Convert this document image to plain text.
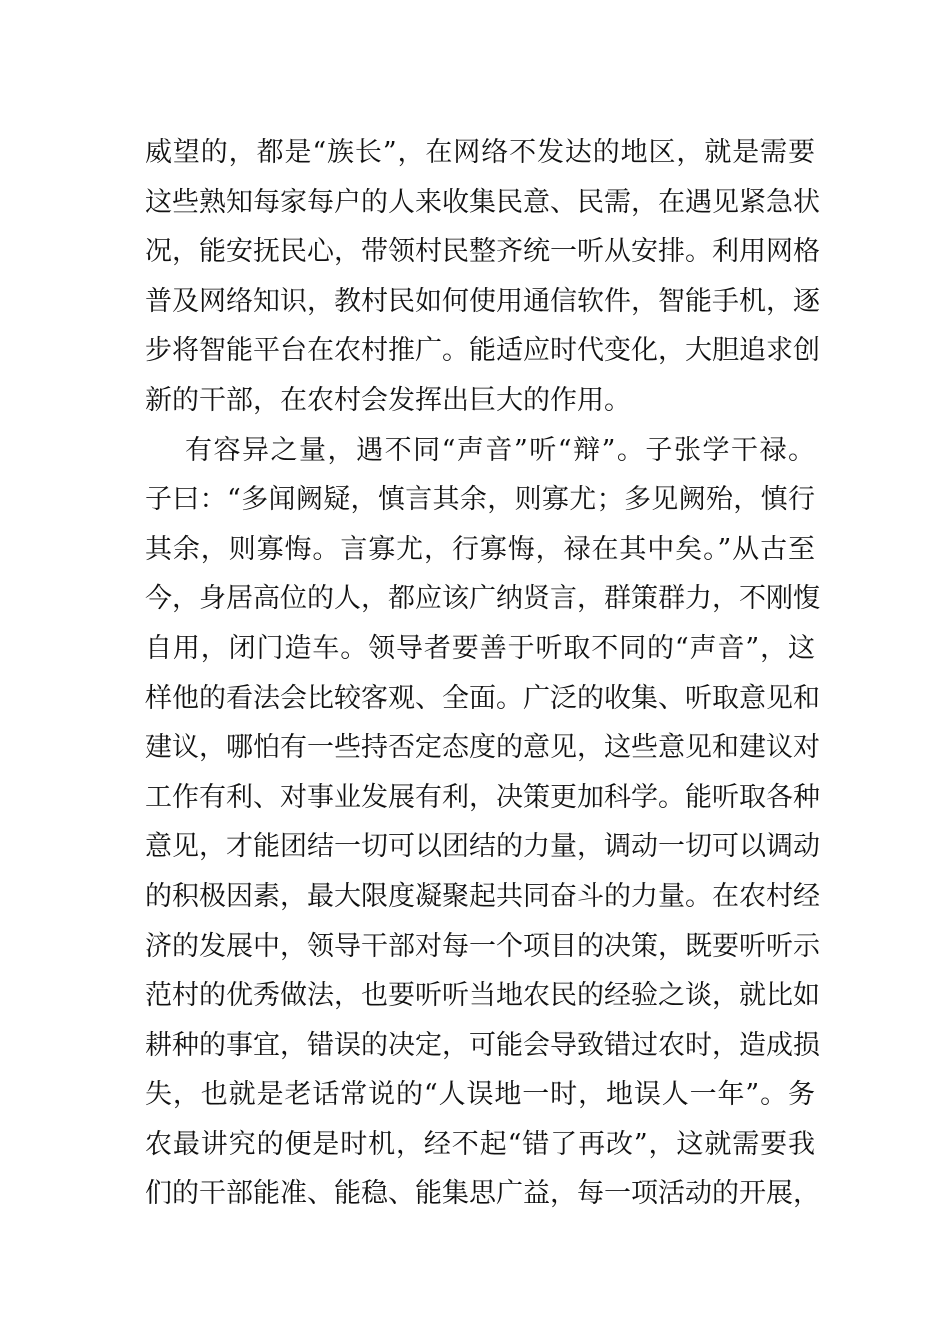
威望的，都是“族长”，在网络不发达的地区，就是需要
这些熟知每家每户的人来收集民意、民需，在遇见紧急状
况，能安抚民心，带领村民整齐统一听从安排。利用网格
普及网络知识，教村民如何使用通信软件，智能手机，逐
步将智能平台在农村推广。能适应时代变化，大胆追求创
新的干部，在农村会发挥出巨大的作用。
有容异之量，遇不同“声音”听“辩”。子张学干禄。
子曰：“多闻阙疑，慎言其余，则寡尤；多见阙殆，慎行
其余，则寡悔。言寡尤，行寡悔，禄在其中矣。”从古至
今，身居高位的人，都应该广纳贤言，群策群力，不刚愎
自用，闭门造车。领导者要善于听取不同的“声音”，这
样他的看法会比较客观、全面。广泛的收集、听取意见和
建议，哪怕有一些持否定态度的意见，这些意见和建议对
工作有利、对事业发展有利，决策更加科学。能听取各种
意见，才能团结一切可以团结的力量，调动一切可以调动
的积极因素，最大限度凝聚起共同奋斗的力量。在农村经
济的发展中，领导干部对每一个项目的决策，既要听听示
范村的优秀做法，也要听听当地农民的经验之谈，就比如
耕种的事宜，错误的决定，可能会导致错过农时，造成损
失，也就是老话常说的“人误地一时，地误人一年”。务
农最讲究的便是时机，经不起“错了再改”，这就需要我
们的干部能准、能稳、能集思广益，每一项活动的开展，
